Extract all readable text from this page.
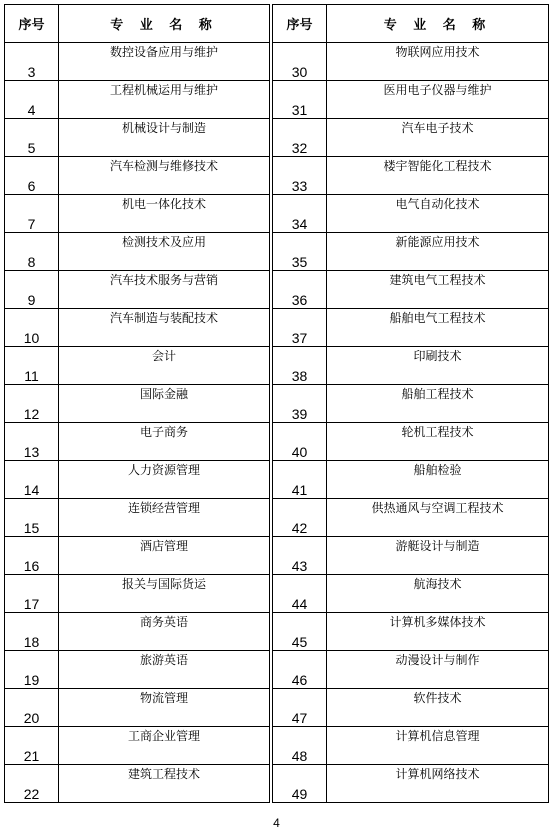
序号	专 业 名 称
3	数控设备应用与维护
4	工程机械运用与维护
5	机械设计与制造
6	汽车检测与维修技术
7	机电一体化技术
8	检测技术及应用
9	汽车技术服务与营销
10	汽车制造与装配技术
11	会计
12	国际金融
13	电子商务
14	人力资源管理
15	连锁经营管理
16	酒店管理
17	报关与国际货运
18	商务英语
19	旅游英语
20	物流管理
21	工商企业管理
22	建筑工程技术
序号	专 业 名 称
30	物联网应用技术
31	医用电子仪器与维护
32	汽车电子技术
33	楼宇智能化工程技术
34	电气自动化技术
35	新能源应用技术
36	建筑电气工程技术
37	船舶电气工程技术
38	印刷技术
39	船舶工程技术
40	轮机工程技术
41	船舶检验
42	供热通风与空调工程技术
43	游艇设计与制造
44	航海技术
45	计算机多媒体技术
46	动漫设计与制作
47	软件技术
48	计算机信息管理
49	计算机网络技术
4
